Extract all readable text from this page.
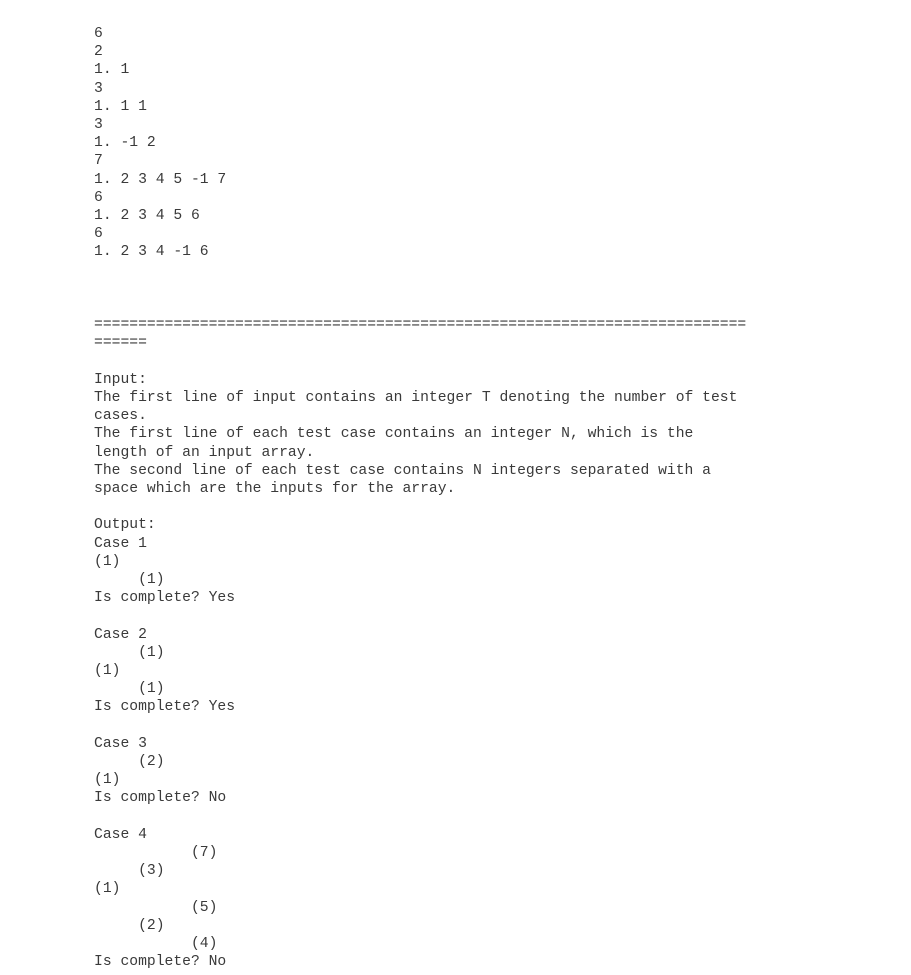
6
2
1. 1
3
1. 1 1
3
1. -1 2
7
1. 2 3 4 5 -1 7
6
1. 2 3 4 5 6
6
1. 2 3 4 -1 6
==========================================================================
======
Input:
The first line of input contains an integer T denoting the number of test
cases.
The first line of each test case contains an integer N, which is the
length of an input array.
The second line of each test case contains N integers separated with a
space which are the inputs for the array.
Output:
Case 1
(1)
(1)
Is complete? Yes
Case 2
(1)
(1)
(1)
Is complete? Yes
Case 3
(2)
(1)
Is complete? No
Case 4
(7)
(3)
(1)
(5)
(2)
(4)
Is complete? No
